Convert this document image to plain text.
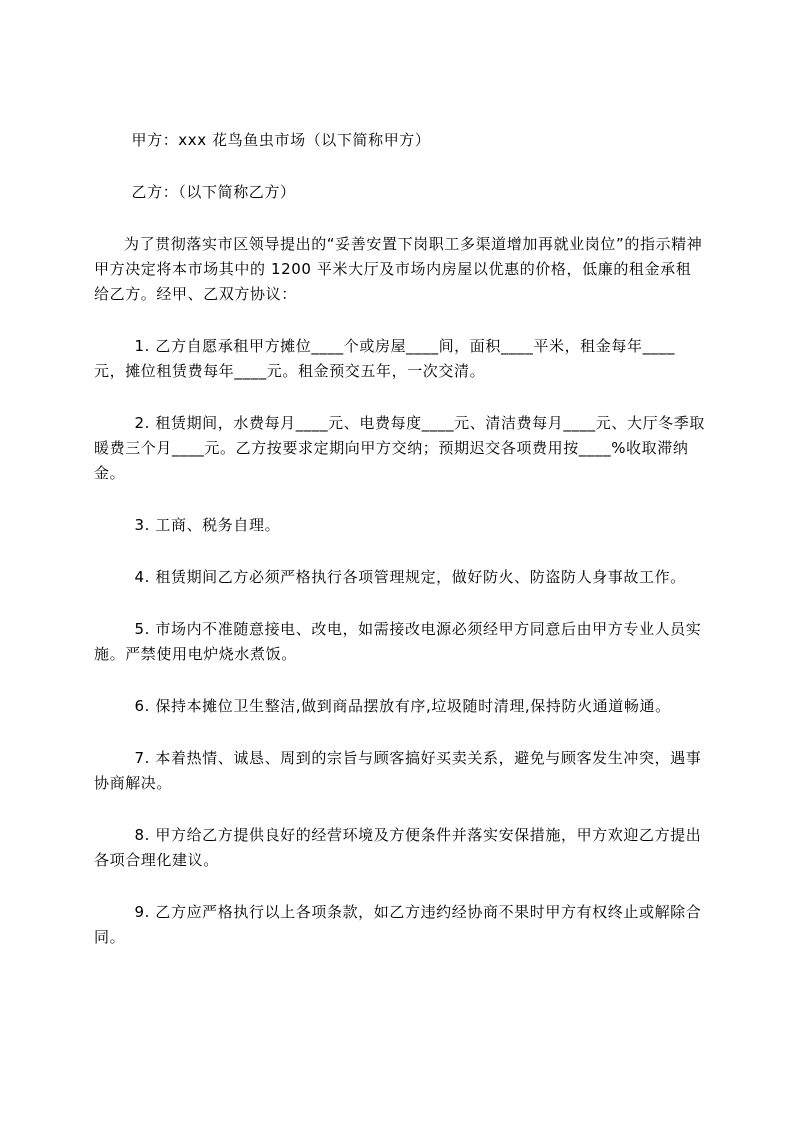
甲方：xxx 花鸟鱼虫市场（以下简称甲方）

乙方：（以下简称乙方）

为了贯彻落实市区领导提出的“妥善安置下岗职工多渠道增加再就业岗位”的指示精神甲方决定将本市场其中的 1200 平米大厅及市场内房屋以优惠的价格，低廉的租金承租给乙方。经甲、乙双方协议：

1. 乙方自愿承租甲方摊位____个或房屋____间，面积____平米，租金每年____元，摊位租赁费每年____元。租金预交五年，一次交清。

2. 租赁期间，水费每月____元、电费每度____元、清洁费每月____元、大厅冬季取暖费三个月____元。乙方按要求定期向甲方交纳；预期迟交各项费用按____%收取滞纳金。

3. 工商、税务自理。

4. 租赁期间乙方必须严格执行各项管理规定，做好防火、防盗防人身事故工作。

5. 市场内不准随意接电、改电，如需接改电源必须经甲方同意后由甲方专业人员实施。严禁使用电炉烧水煮饭。

6. 保持本摊位卫生整洁,做到商品摆放有序,垃圾随时清理,保持防火通道畅通。

7. 本着热情、诚恳、周到的宗旨与顾客搞好买卖关系，避免与顾客发生冲突，遇事协商解决。

8. 甲方给乙方提供良好的经营环境及方便条件并落实安保措施，甲方欢迎乙方提出各项合理化建议。

9. 乙方应严格执行以上各项条款，如乙方违约经协商不果时甲方有权终止或解除合同。
